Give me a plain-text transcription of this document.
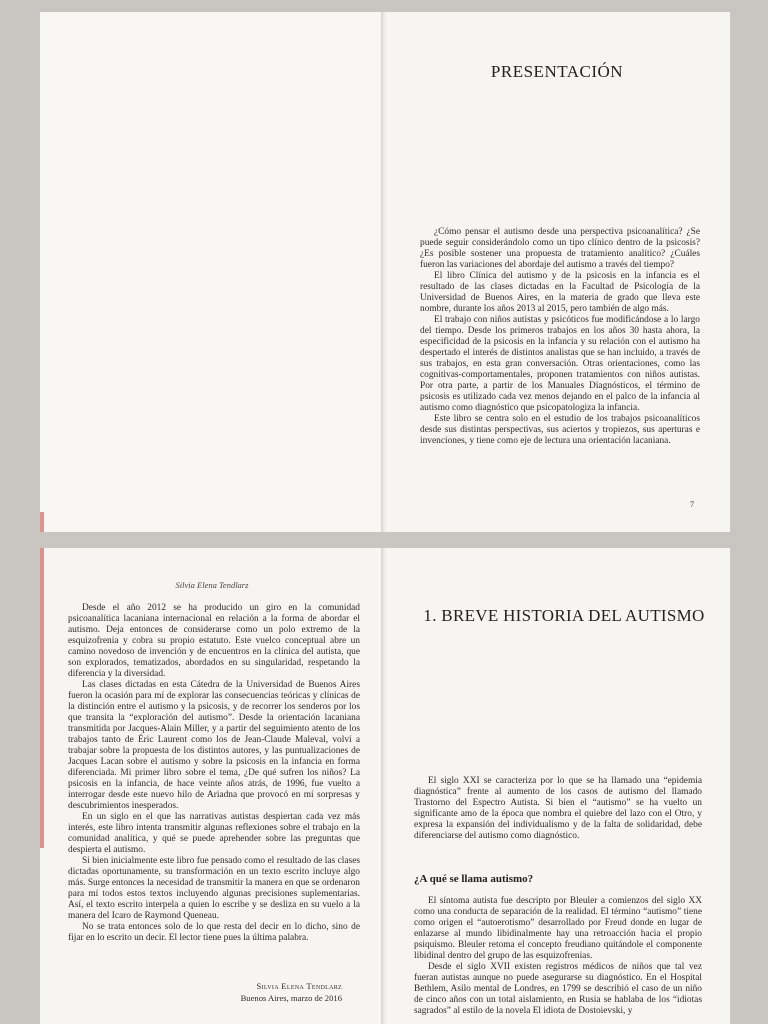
PRESENTACIÓN

¿Cómo pensar el autismo desde una perspectiva psicoanalítica? ¿Se puede seguir considerándolo como un tipo clínico dentro de la psicosis? ¿Es posible sostener una propuesta de tratamiento analítico? ¿Cuáles fueron las variaciones del abordaje del autismo a través del tiempo?

El libro Clínica del autismo y de la psicosis en la infancia es el resultado de las clases dictadas en la Facultad de Psicología de la Universidad de Buenos Aires, en la materia de grado que lleva este nombre, durante los años 2013 al 2015, pero también de algo más.

El trabajo con niños autistas y psicóticos fue modificándose a lo largo del tiempo. Desde los primeros trabajos en los años 30 hasta ahora, la especificidad de la psicosis en la infancia y su relación con el autismo ha despertado el interés de distintos analistas que se han incluido, a través de sus trabajos, en esta gran conversación. Otras orientaciones, como las cognitivas-comportamentales, proponen tratamientos con niños autistas. Por otra parte, a partir de los Manuales Diagnósticos, el término de psicosis es utilizado cada vez menos dejando en el palco de la infancia al autismo como diagnóstico que psicopatologiza la infancia.

Este libro se centra solo en el estudio de los trabajos psicoanalíticos desde sus distintas perspectivas, sus aciertos y tropiezos, sus aperturas e invenciones, y tiene como eje de lectura una orientación lacaniana.

7
Silvia Elena Tendlarz

Desde el año 2012 se ha producido un giro en la comunidad psicoanalítica lacaniana internacional en relación a la forma de abordar el autismo. Deja entonces de considerarse como un polo extremo de la esquizofrenia y cobra su propio estatuto. Este vuelco conceptual abre un camino novedoso de invención y de encuentros en la clínica del autista, que son explorados, tematizados, abordados en su singularidad, respetando la diferencia y la diversidad.

Las clases dictadas en esta Cátedra de la Universidad de Buenos Aires fueron la ocasión para mí de explorar las consecuencias teóricas y clínicas de la distinción entre el autismo y la psicosis, y de recorrer los senderos por los que transita la “exploración del autismo”. Desde la orientación lacaniana transmitida por Jacques-Alain Miller, y a partir del seguimiento atento de los trabajos tanto de Éric Laurent como los de Jean-Claude Maleval, volví a trabajar sobre la propuesta de los distintos autores, y las puntualizaciones de Jacques Lacan sobre el autismo y sobre la psicosis en la infancia en forma diferenciada. Mi primer libro sobre el tema, ¿De qué sufren los niños? La psicosis en la infancia, de hace veinte años atrás, de 1996, fue vuelto a interrogar desde este nuevo hilo de Ariadna que provocó en mí sorpresas y descubrimientos inesperados.

En un siglo en el que las narrativas autistas despiertan cada vez más interés, este libro intenta transmitir algunas reflexiones sobre el trabajo en la comunidad analítica, y qué se puede aprehender sobre las preguntas que despierta el autismo.

Si bien inicialmente este libro fue pensado como el resultado de las clases dictadas oportunamente, su transformación en un texto escrito incluye algo más. Surge entonces la necesidad de transmitir la manera en que se ordenaron para mí todos estos textos incluyendo algunas precisiones suplementarias. Así, el texto escrito interpela a quien lo escribe y se desliza en su vuelo a la manera del Icaro de Raymond Queneau.

No se trata entonces solo de lo que resta del decir en lo dicho, sino de fijar en lo escrito un decir. El lector tiene pues la última palabra.

Silvia Elena Tendlarz
Buenos Aires, marzo de 2016
1. BREVE HISTORIA DEL AUTISMO

El siglo XXI se caracteriza por lo que se ha llamado una “epidemia diagnóstica” frente al aumento de los casos de autismo del llamado Trastorno del Espectro Autista. Si bien el “autismo” se ha vuelto un significante amo de la época que nombra el quiebre del lazo con el Otro, y expresa la expansión del individualismo y de la falta de solidaridad, debe diferenciarse del autismo como diagnóstico.

¿A qué se llama autismo?

El síntoma autista fue descripto por Bleuler a comienzos del siglo XX como una conducta de separación de la realidad. El término “autismo” tiene como origen el “autoerotismo” desarrollado por Freud donde en lugar de enlazarse al mundo libidinalmente hay una retroacción hacia el propio psiquismo. Bleuler retoma el concepto freudiano quitándole el componente libidinal dentro del grupo de las esquizofrenias.

Desde el siglo XVII existen registros médicos de niños que tal vez fueran autistas aunque no puede asegurarse su diagnóstico. En el Hospital Bethlem, Asilo mental de Londres, en 1799 se describió el caso de un niño de cinco años con un total aislamiento, en Rusia se hablaba de los “idiotas sagrados” al estilo de la novela El idiota de Dostoievski, y
